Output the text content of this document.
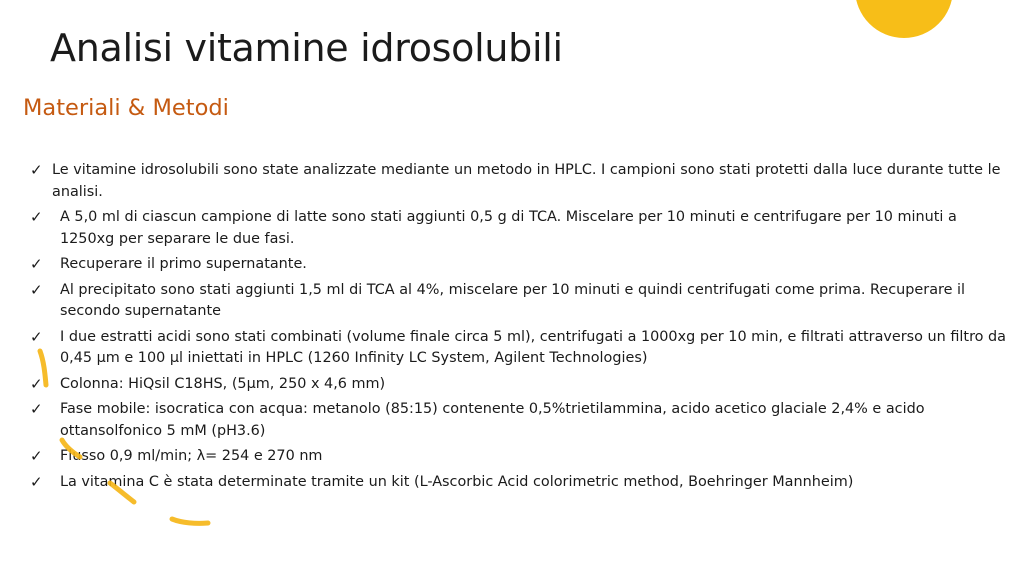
Analisi vitamine idrosolubili
Materiali & Metodi
✓ Le vitamine idrosolubili sono state analizzate mediante un metodo in HPLC. I campioni sono stati protetti dalla luce durante tutte le analisi.
✓ A 5,0 ml di ciascun campione di latte sono stati aggiunti 0,5 g di TCA. Miscelare per 10 minuti e centrifugare per 10 minuti a 1250xg per separare le due fasi.
✓ Recuperare il primo supernatante.
✓ Al precipitato sono stati aggiunti 1,5 ml di TCA al 4%, miscelare per 10 minuti e quindi centrifugati come prima. Recuperare il secondo supernatante
✓ I due estratti acidi sono stati combinati (volume finale circa 5 ml), centrifugati a 1000xg per 10 min, e filtrati attraverso un filtro da 0,45 µm e 100 µl iniettati in HPLC (1260 Infinity LC System, Agilent Technologies)
✓ Colonna: HiQsil C18HS, (5µm, 250 x 4,6 mm)
✓ Fase mobile: isocratica con acqua: metanolo (85:15) contenente 0,5%trietilammina, acido acetico glaciale 2,4% e acido ottansolfonico 5 mM (pH3.6)
✓ Flusso 0,9 ml/min; λ= 254 e 270 nm
✓ La vitamina C è stata determinate tramite un kit (L-Ascorbic Acid colorimetric method, Boehringer Mannheim)
